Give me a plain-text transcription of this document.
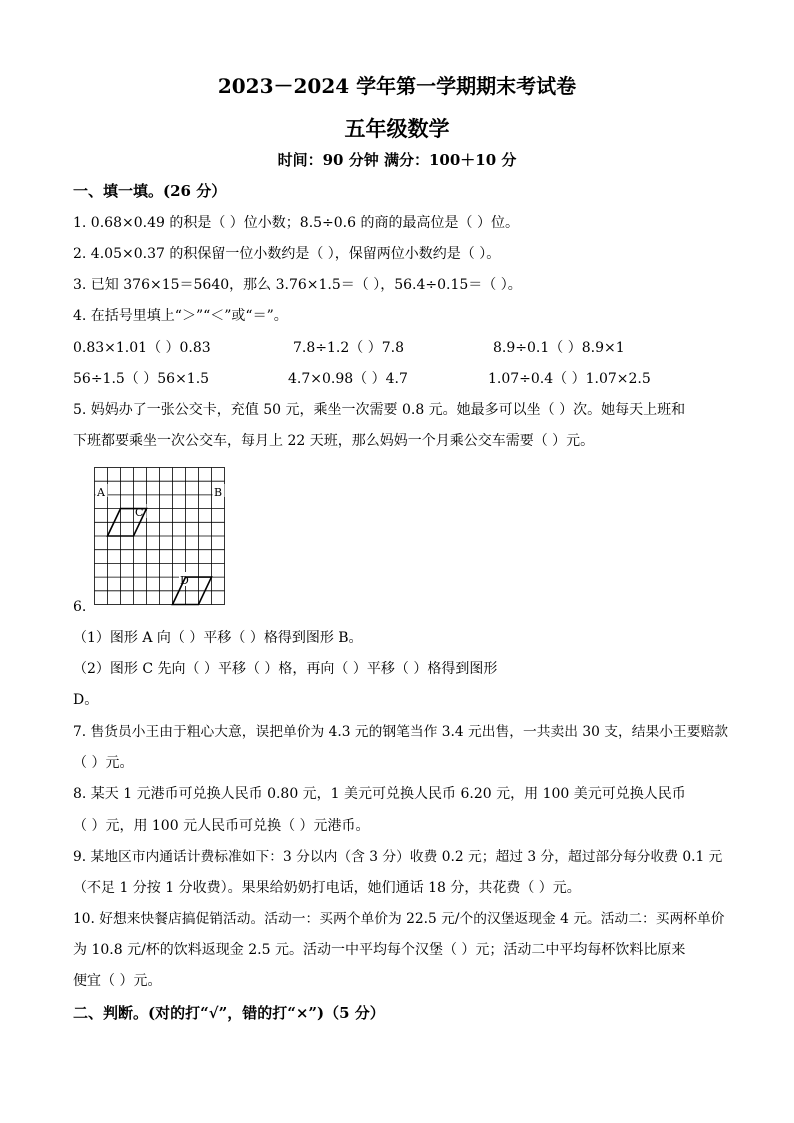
2023－2024 学年第一学期期末考试卷
五年级数学
时间：90 分钟 满分：100＋10 分
一、填一填。(26 分）
1. 0.68×0.49 的积是（ ）位小数；8.5÷0.6 的商的最高位是（ ）位。
2. 4.05×0.37 的积保留一位小数约是（ ），保留两位小数约是（ ）。
3. 已知 376×15＝5640，那么 3.76×1.5＝（ ），56.4÷0.15＝（ ）。
4. 在括号里填上“＞”“＜”或“＝”。
0.83×1.01（ ）0.83	7.8÷1.2（ ）7.8	8.9÷0.1（ ）8.9×1
56÷1.5（ ）56×1.5	4.7×0.98（ ）4.7	1.07÷0.4（ ）1.07×2.5
5. 妈妈办了一张公交卡，充值 50 元，乘坐一次需要 0.8 元。她最多可以坐（ ）次。她每天上班和
下班都要乘坐一次公交车，每月上 22 天班，那么妈妈一个月乘公交车需要（ ）元。
A	B
C
D
6.
（1）图形 A 向（ ）平移（ ）格得到图形 B。
（2）图形 C 先向（ ）平移（ ）格，再向（ ）平移（ ）格得到图形
D。
7. 售货员小王由于粗心大意，误把单价为 4.3 元的钢笔当作 3.4 元出售，一共卖出 30 支，结果小王要赔款
（ ）元。
8. 某天 1 元港币可兑换人民币 0.80 元，1 美元可兑换人民币 6.20 元，用 100 美元可兑换人民币
（ ）元，用 100 元人民币可兑换（ ）元港币。
9. 某地区市内通话计费标准如下：3 分以内（含 3 分）收费 0.2 元；超过 3 分，超过部分每分收费 0.1 元
（不足 1 分按 1 分收费）。果果给奶奶打电话，她们通话 18 分，共花费（ ）元。
10. 好想来快餐店搞促销活动。活动一：买两个单价为 22.5 元/个的汉堡返现金 4 元。活动二：买两杯单价
为 10.8 元/杯的饮料返现金 2.5 元。活动一中平均每个汉堡（ ）元；活动二中平均每杯饮料比原来
便宜（ ）元。
二、判断。(对的打“√”，错的打“×”)（5 分）
